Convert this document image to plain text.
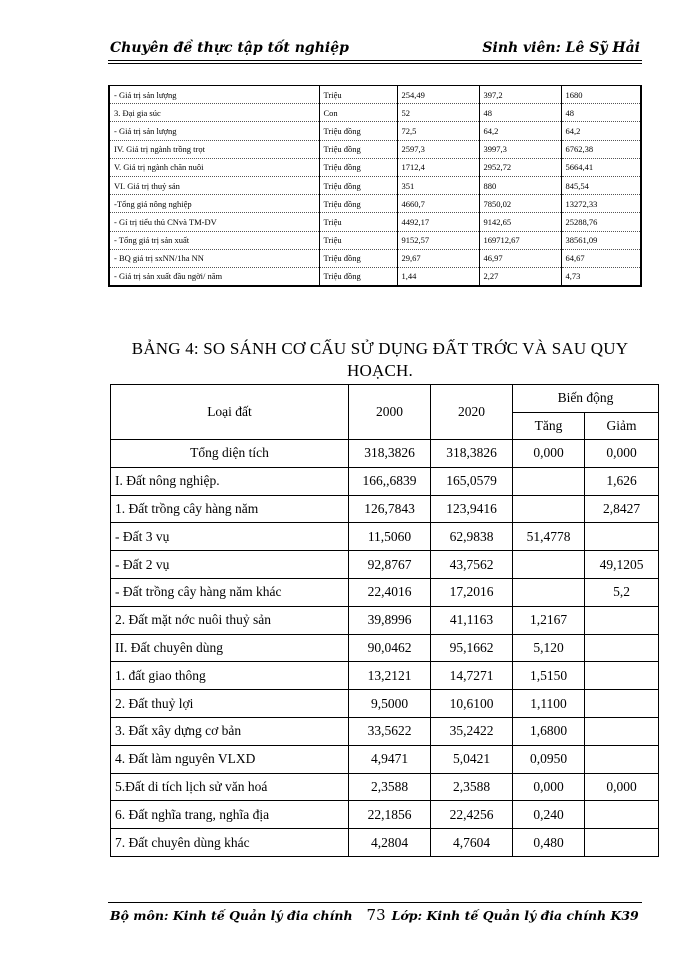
Chuyên đề thực tập tốt nghiệp	Sinh viên: Lê Sỹ Hải
- Giá trị sản lượng	Triệu	254,49	397,2	1680
3. Đại gia súc	Con	52	48	48
- Giá trị sản lượng	Triệu đồng	72,5	64,2	64,2
IV. Giá trị ngành trồng trọt	Triệu đồng	2597,3	3997,3	6762,38
V. Giá trị ngành chăn nuôi	Triệu đồng	1712,4	2952,72	5664,41
VI. Giá trị thuỷ sản	Triệu đồng	351	880	845,54
-Tổng giá nông nghiệp	Triệu đồng	4660,7	7850,02	13272,33
- Gí trị tiểu thủ CNvà TM-DV	Triệu	4492,17	9142,65	25288,76
- Tổng giá trị sản xuất	Triệu	9152,57	169712,67	38561,09
- BQ giá trị sxNN/1ha NN	Triệu đồng	29,67	46,97	64,67
- Giá trị sản xuất đầu ngời/ năm	Triệu đồng	1,44	2,27	4,73
BẢNG 4: SO SÁNH CƠ CẤU SỬ DỤNG ĐẤT TRỚC VÀ SAU QUY
HOẠCH.
Loại đất	2000	2020	Biến động	
			Tăng	Giảm
Tổng diện tích	318,3826	318,3826	0,000	0,000
I. Đất nông nghiệp.	166,,6839	165,0579		1,626
1. Đất trồng cây hàng năm	126,7843	123,9416		2,8427
- Đất 3 vụ	11,5060	62,9838	51,4778	
- Đất 2 vụ	92,8767	43,7562		49,1205
- Đất trồng cây hàng năm khác	22,4016	17,2016		5,2
2. Đất mặt nớc nuôi thuỷ sản	39,8996	41,1163	1,2167	
II. Đất chuyên dùng	90,0462	95,1662	5,120	
1. đất giao thông	13,2121	14,7271	1,5150	
2. Đất thuỷ lợi	9,5000	10,6100	1,1100	
3. Đất xây dựng cơ bản	33,5622	35,2422	1,6800	
4. Đất làm nguyên VLXD	4,9471	5,0421	0,0950	
5.Đất di tích lịch sử văn hoá	2,3588	2,3588	0,000	0,000
6. Đất nghĩa trang, nghĩa địa	22,1856	22,4256	0,240	
7. Đất chuyên dùng khác	4,2804	4,7604	0,480	
Bộ môn: Kinh tế Quản lý đia chính 73 Lớp: Kinh tế Quản lý đia chính K39
